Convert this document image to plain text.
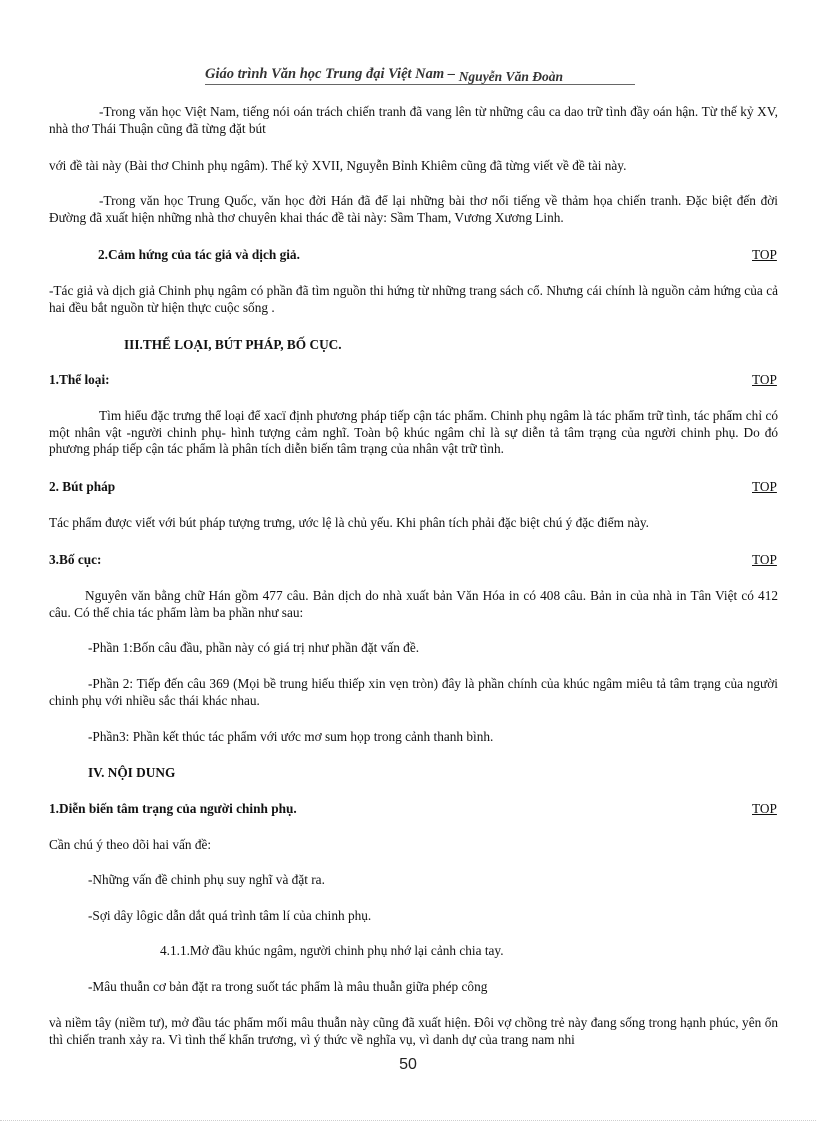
Giáo trình Văn học Trung đại Việt Nam – Nguyễn Văn Đoàn
-Trong văn học Việt Nam, tiếng nói oán trách chiến tranh đã vang lên từ những câu ca dao trữ tình đầy oán hận. Từ thế kỷ XV, nhà thơ Thái Thuận cũng đã từng đặt bút
với đề tài này (Bài thơ Chinh phụ ngâm). Thế kỷ XVII, Nguyễn Bỉnh Khiêm cũng đã từng viết về đề tài này.
-Trong văn học Trung Quốc, văn học đời Hán đã để lại những bài thơ nổi tiếng về thảm họa chiến tranh. Đặc biệt đến đời Đường đã xuất hiện những nhà thơ chuyên khai thác đề tài này: Sầm Tham, Vương Xương Linh.
2.Cảm hứng của tác giả và dịch giả.	TOP
-Tác giả và dịch giả Chinh phụ ngâm có phần đã tìm nguồn thi hứng từ những trang sách cổ. Nhưng cái chính là nguồn cảm hứng của cả hai đều bắt nguồn từ hiện thực cuộc sống .
III.THỂ LOẠI, BÚT PHÁP, BỐ CỤC.
1.Thể loại:	TOP
Tìm hiểu đặc trưng thể loại để xacï định phương pháp tiếp cận tác phẩm. Chinh phụ ngâm là tác phẩm trữ tình, tác phẩm chỉ có một nhân vật -người chinh phụ- hình tượng cảm nghĩ. Toàn bộ khúc ngâm chỉ là sự diễn tả tâm trạng của người chinh phụ. Do đó phương pháp tiếp cận tác phẩm là phân tích diễn biến tâm trạng của nhân vật trữ tình.
2. Bút pháp	TOP
Tác phẩm được viết với bút pháp tượng trưng, ước lệ là chủ yếu. Khi phân tích phải đặc biệt chú ý đặc điểm này.
3.Bố cục:	TOP
Nguyên văn bằng chữ Hán gồm 477 câu. Bản dịch do nhà xuất bản Văn Hóa in có 408 câu. Bản in của nhà in Tân Việt có 412 câu. Có thể chia tác phẩm làm ba phần như sau:
-Phần 1:Bốn câu đầu, phần này có giá trị như phần đặt vấn đề.
-Phần 2: Tiếp đến câu 369 (Mọi bề trung hiếu thiếp xin vẹn tròn) đây là phần chính của khúc ngâm miêu tả tâm trạng của người chinh phụ với nhiều sắc thái khác nhau.
-Phần3: Phần kết thúc tác phẩm với ước mơ sum họp trong cảnh thanh bình.
IV. NỘI DUNG
1.Diễn biến tâm trạng của người chinh phụ.	TOP
Cần chú ý theo dõi hai vấn đề:
-Những vấn đề chinh phụ suy nghĩ và đặt ra.
-Sợi dây lôgic dẫn dắt quá trình tâm lí của chinh phụ.
4.1.1.Mở đầu khúc ngâm, người chinh phụ nhớ lại cảnh chia tay.
-Mâu thuẫn cơ bản đặt ra trong suốt tác phẩm là mâu thuẫn giữa phép công
và niềm tây (niềm tư), mở đầu tác phẩm mối mâu thuẫn này cũng đã xuất hiện. Đôi vợ chồng trẻ này đang sống trong hạnh phúc, yên ổn thì chiến tranh xảy ra. Vì tình thế khẩn trương, vì ý thức về nghĩa vụ, vì danh dự của trang nam nhi
50
